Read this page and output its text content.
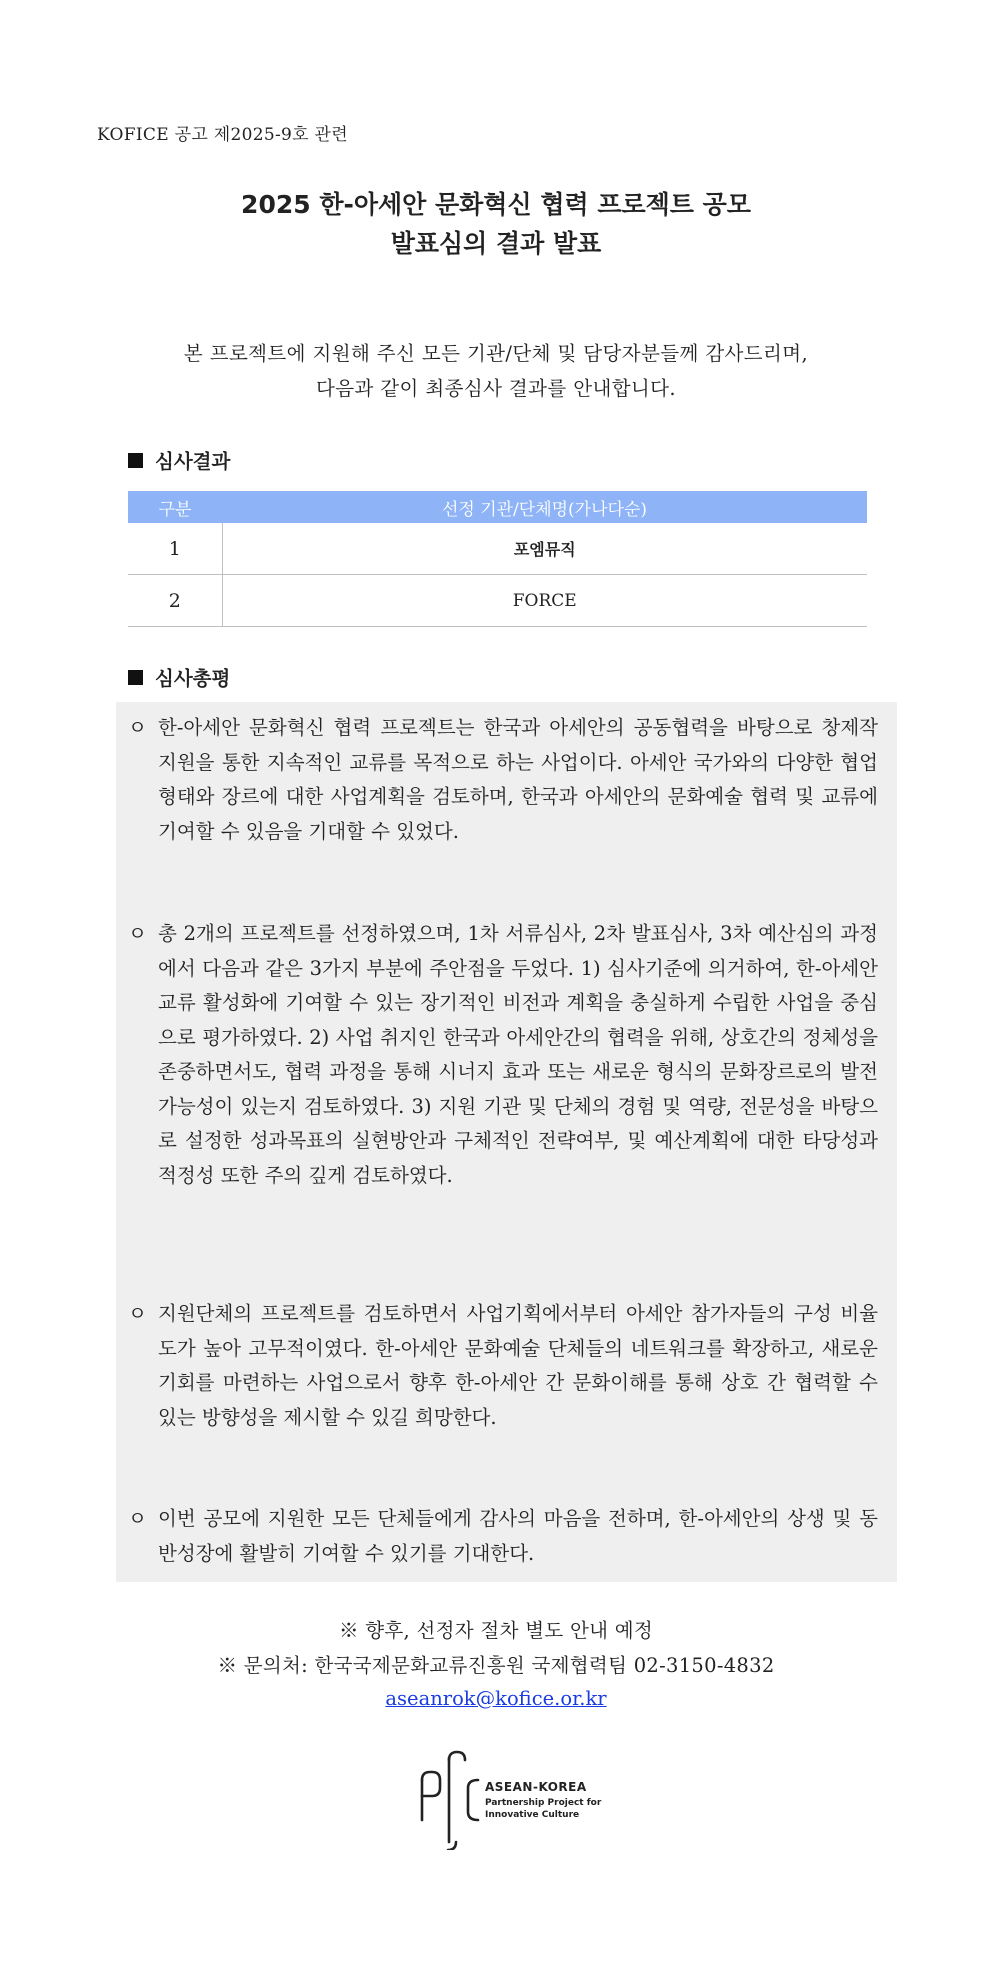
KOFICE 공고 제2025-9호 관련
2025 한-아세안 문화혁신 협력 프로젝트 공모
발표심의 결과 발표
본 프로젝트에 지원해 주신 모든 기관/단체 및 담당자분들께 감사드리며,
다음과 같이 최종심사 결과를 안내합니다.
심사결과
구분	선정 기관/단체명(가나다순)
1	포엠뮤직
2	FORCE
심사총평
ㅇ 한-아세안 문화혁신 협력 프로젝트는 한국과 아세안의 공동협력을 바탕으로 창제작 지원을 통한 지속적인 교류를 목적으로 하는 사업이다. 아세안 국가와의 다양한 협업 형태와 장르에 대한 사업계획을 검토하며, 한국과 아세안의 문화예술 협력 및 교류에 기여할 수 있음을 기대할 수 있었다.
ㅇ 총 2개의 프로젝트를 선정하였으며, 1차 서류심사, 2차 발표심사, 3차 예산심의 과정에서 다음과 같은 3가지 부분에 주안점을 두었다. 1) 심사기준에 의거하여, 한-아세안 교류 활성화에 기여할 수 있는 장기적인 비전과 계획을 충실하게 수립한 사업을 중심으로 평가하였다. 2) 사업 취지인 한국과 아세안간의 협력을 위해, 상호간의 정체성을 존중하면서도, 협력 과정을 통해 시너지 효과 또는 새로운 형식의 문화장르로의 발전 가능성이 있는지 검토하였다. 3) 지원 기관 및 단체의 경험 및 역량, 전문성을 바탕으로 설정한 성과목표의 실현방안과 구체적인 전략여부, 및 예산계획에 대한 타당성과 적정성 또한 주의 깊게 검토하였다.
ㅇ 지원단체의 프로젝트를 검토하면서 사업기획에서부터 아세안 참가자들의 구성 비율도가 높아 고무적이였다. 한-아세안 문화예술 단체들의 네트워크를 확장하고, 새로운 기회를 마련하는 사업으로서 향후 한-아세안 간 문화이해를 통해 상호 간 협력할 수 있는 방향성을 제시할 수 있길 희망한다.
ㅇ 이번 공모에 지원한 모든 단체들에게 감사의 마음을 전하며, 한-아세안의 상생 및 동반성장에 활발히 기여할 수 있기를 기대한다.
※ 향후, 선정자 절차 별도 안내 예정
※ 문의처: 한국국제문화교류진흥원 국제협력팀 02-3150-4832
aseanrok@kofice.or.kr
ASEAN-KOREA
Partnership Project for
Innovative Culture
